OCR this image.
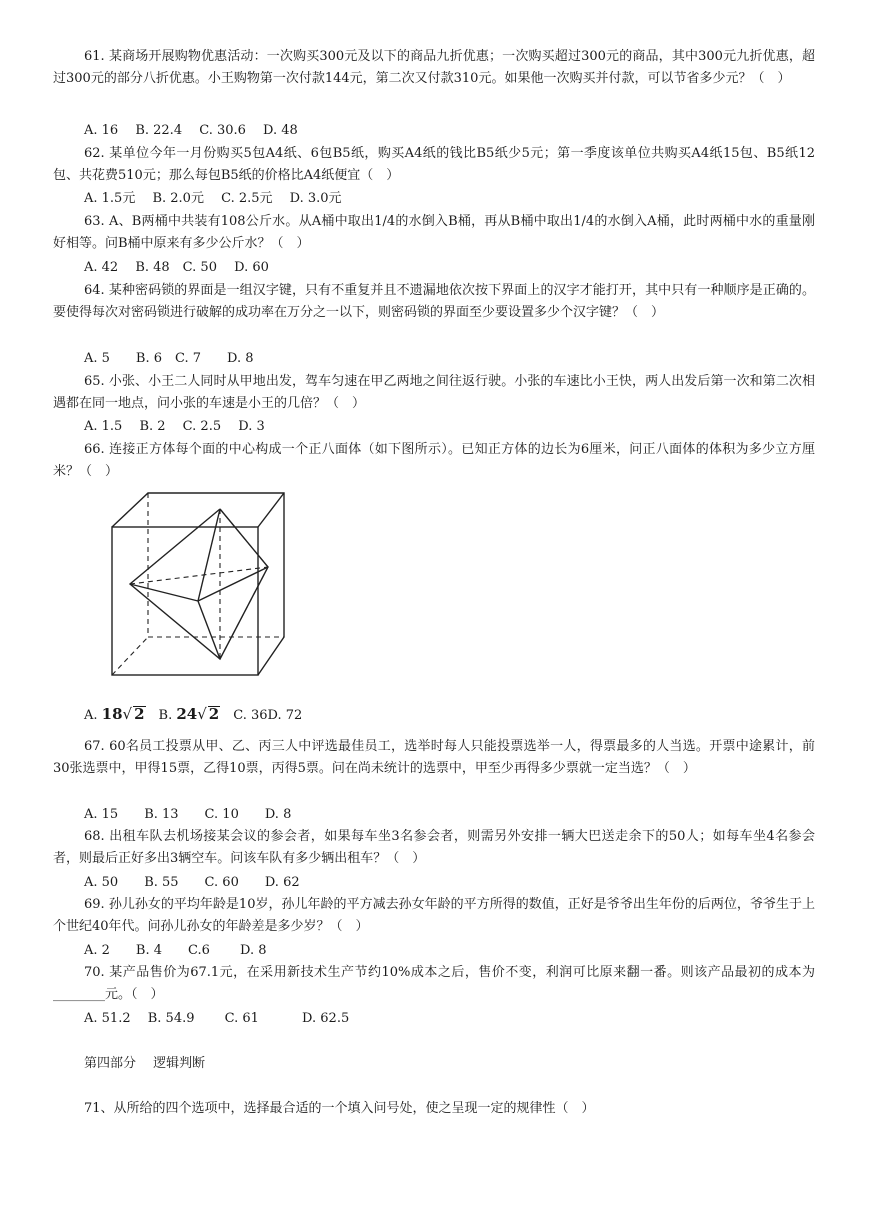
61. 某商场开展购物优惠活动：一次购买300元及以下的商品九折优惠；一次购买超过300元的商品，其中300元九折优惠，超过300元的部分八折优惠。小王购物第一次付款144元，第二次又付款310元。如果他一次购买并付款，可以节省多少元？（　）

A. 16　 B. 22.4　 C. 30.6　 D. 48

62. 某单位今年一月份购买5包A4纸、6包B5纸，购买A4纸的钱比B5纸少5元；第一季度该单位共购买A4纸15包、B5纸12包、共花费510元；那么每包B5纸的价格比A4纸便宜（　）

A. 1.5元　 B. 2.0元　 C. 2.5元　 D. 3.0元

63. A、B两桶中共装有108公斤水。从A桶中取出1/4的水倒入B桶，再从B桶中取出1/4的水倒入A桶，此时两桶中水的重量刚好相等。问B桶中原来有多少公斤水？（　）

A. 42　 B. 48　C. 50　 D. 60

64. 某种密码锁的界面是一组汉字键，只有不重复并且不遗漏地依次按下界面上的汉字才能打开，其中只有一种顺序是正确的。要使得每次对密码锁进行破解的成功率在万分之一以下，则密码锁的界面至少要设置多少个汉字键？（　）

A. 5　　B. 6　C. 7　　D. 8

65. 小张、小王二人同时从甲地出发，驾车匀速在甲乙两地之间往返行驶。小张的车速比小王快，两人出发后第一次和第二次相遇都在同一地点，问小张的车速是小王的几倍？（　）

A. 1.5　 B. 2　 C. 2.5　 D. 3

66. 连接正方体每个面的中心构成一个正八面体（如下图所示）。已知正方体的边长为6厘米，问正八面体的体积为多少立方厘米？（　）

A. 18√ 2　B. 24√ 2　C. 36D. 72

67. 60名员工投票从甲、乙、丙三人中评选最佳员工，选举时每人只能投票选举一人，得票最多的人当选。开票中途累计，前30张选票中，甲得15票，乙得10票，丙得5票。问在尚未统计的选票中，甲至少再得多少票就一定当选？（　）

A. 15　　B. 13　　C. 10　　D. 8

68. 出租车队去机场接某会议的参会者，如果每车坐3名参会者，则需另外安排一辆大巴送走余下的50人；如每车坐4名参会者，则最后正好多出3辆空车。问该车队有多少辆出租车？（　）

A. 50　　B. 55　　C. 60　　D. 62

69. 孙儿孙女的平均年龄是10岁，孙儿年龄的平方减去孙女年龄的平方所得的数值，正好是爷爷出生年份的后两位，爷爷生于上个世纪40年代。问孙儿孙女的年龄差是多少岁？（　）

A. 2　　B. 4　　C.6　　 D. 8

70. 某产品售价为67.1元，在采用新技术生产节约10%成本之后，售价不变，利润可比原来翻一番。则该产品最初的成本为 ________元。（　）

A. 51.2　 B. 54.9　　 C. 61　　　 D. 62.5

第四部分　 逻辑判断

71、从所给的四个选项中，选择最合适的一个填入问号处，使之呈现一定的规律性（　）
